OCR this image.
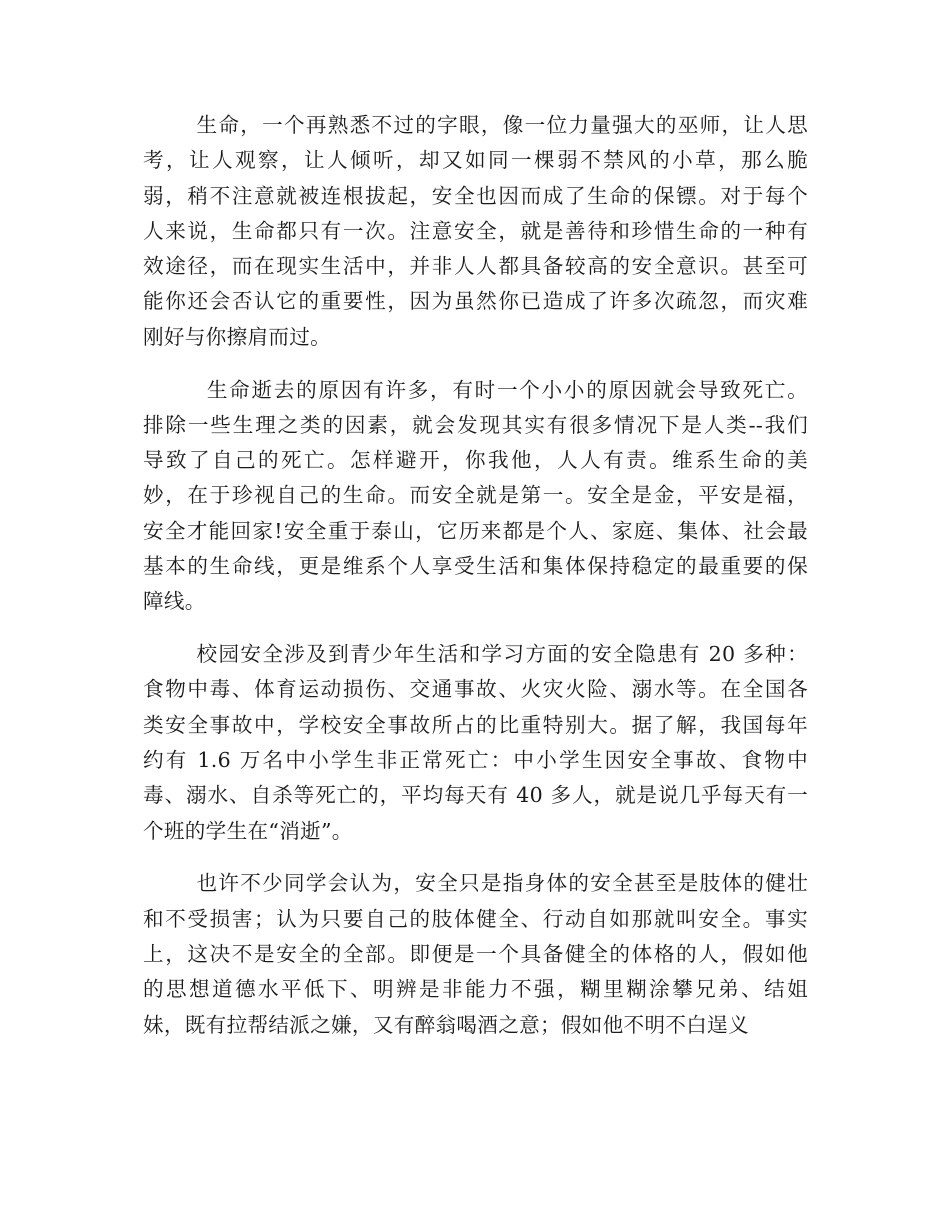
生命，一个再熟悉不过的字眼，像一位力量强大的巫师，让人思
考，让人观察，让人倾听，却又如同一棵弱不禁风的小草，那么脆
弱，稍不注意就被连根拔起，安全也因而成了生命的保镖。对于每个
人来说，生命都只有一次。注意安全，就是善待和珍惜生命的一种有
效途径，而在现实生活中，并非人人都具备较高的安全意识。甚至可
能你还会否认它的重要性，因为虽然你已造成了许多次疏忽，而灾难
刚好与你擦肩而过。
生命逝去的原因有许多，有时一个小小的原因就会导致死亡。
排除一些生理之类的因素，就会发现其实有很多情况下是人类--我们
导致了自己的死亡。怎样避开，你我他，人人有责。维系生命的美
妙，在于珍视自己的生命。而安全就是第一。安全是金，平安是福，
安全才能回家!安全重于泰山，它历来都是个人、家庭、集体、社会最
基本的生命线，更是维系个人享受生活和集体保持稳定的最重要的保
障线。
校园安全涉及到青少年生活和学习方面的安全隐患有 20 多种：
食物中毒、体育运动损伤、交通事故、火灾火险、溺水等。在全国各
类安全事故中，学校安全事故所占的比重特别大。据了解，我国每年
约有 1.6 万名中小学生非正常死亡：中小学生因安全事故、食物中
毒、溺水、自杀等死亡的，平均每天有 40 多人，就是说几乎每天有一
个班的学生在“消逝”。
也许不少同学会认为，安全只是指身体的安全甚至是肢体的健壮
和不受损害；认为只要自己的肢体健全、行动自如那就叫安全。事实
上，这决不是安全的全部。即便是一个具备健全的体格的人，假如他
的思想道德水平低下、明辨是非能力不强，糊里糊涂攀兄弟、结姐
妹，既有拉帮结派之嫌，又有醉翁喝酒之意；假如他不明不白逞义
